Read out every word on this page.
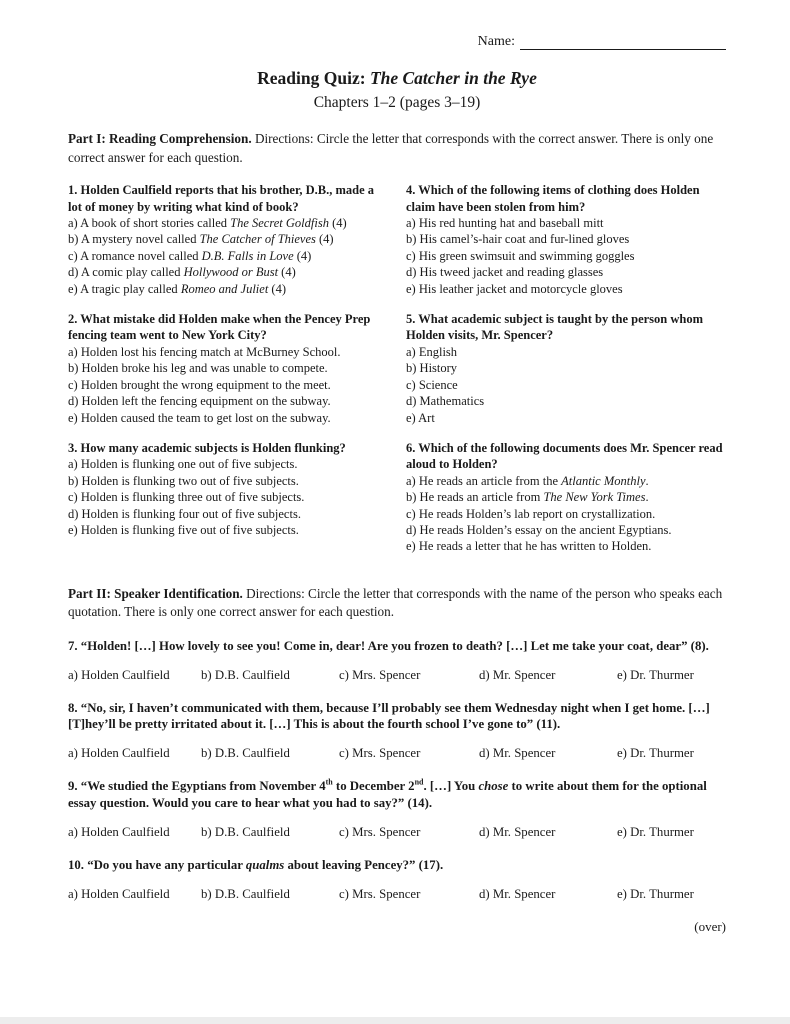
Name:
Reading Quiz: The Catcher in the Rye
Chapters 1–2 (pages 3–19)

Part I: Reading Comprehension. Directions: Circle the letter that corresponds with the correct answer. There is only one correct answer for each question.

1. Holden Caulfield reports that his brother, D.B., made a lot of money by writing what kind of book?

a) A book of short stories called The Secret Goldfish (4)

b) A mystery novel called The Catcher of Thieves (4)

c) A romance novel called D.B. Falls in Love (4)

d) A comic play called Hollywood or Bust (4)

e) A tragic play called Romeo and Juliet (4)

2. What mistake did Holden make when the Pencey Prep fencing team went to New York City?

a) Holden lost his fencing match at McBurney School.

b) Holden broke his leg and was unable to compete.

c) Holden brought the wrong equipment to the meet.

d) Holden left the fencing equipment on the subway.

e) Holden caused the team to get lost on the subway.

3. How many academic subjects is Holden flunking?

a) Holden is flunking one out of five subjects.

b) Holden is flunking two out of five subjects.

c) Holden is flunking three out of five subjects.

d) Holden is flunking four out of five subjects.

e) Holden is flunking five out of five subjects.

4. Which of the following items of clothing does Holden claim have been stolen from him?

a) His red hunting hat and baseball mitt

b) His camel’s-hair coat and fur-lined gloves

c) His green swimsuit and swimming goggles

d) His tweed jacket and reading glasses

e) His leather jacket and motorcycle gloves

5. What academic subject is taught by the person whom Holden visits, Mr. Spencer?

a) English

b) History

c) Science

d) Mathematics

e) Art

6. Which of the following documents does Mr. Spencer read aloud to Holden?

a) He reads an article from the Atlantic Monthly.

b) He reads an article from The New York Times.

c) He reads Holden’s lab report on crystallization.

d) He reads Holden’s essay on the ancient Egyptians.

e) He reads a letter that he has written to Holden.

Part II: Speaker Identification. Directions: Circle the letter that corresponds with the name of the person who speaks each quotation. There is only one correct answer for each question.

7. “Holden! […] How lovely to see you! Come in, dear! Are you frozen to death? […] Let me take your coat, dear” (8).

a) Holden Caulfield	b) D.B. Caulfield	c) Mrs. Spencer	d) Mr. Spencer	e) Dr. Thurmer

8. “No, sir, I haven’t communicated with them, because I’ll probably see them Wednesday night when I get home. […] [T]hey’ll be pretty irritated about it. […] This is about the fourth school I’ve gone to” (11).

a) Holden Caulfield	b) D.B. Caulfield	c) Mrs. Spencer	d) Mr. Spencer	e) Dr. Thurmer

9. “We studied the Egyptians from November 4th to December 2nd. […] You chose to write about them for the optional essay question. Would you care to hear what you had to say?” (14).

a) Holden Caulfield	b) D.B. Caulfield	c) Mrs. Spencer	d) Mr. Spencer	e) Dr. Thurmer

10. “Do you have any particular qualms about leaving Pencey?” (17).

a) Holden Caulfield	b) D.B. Caulfield	c) Mrs. Spencer	d) Mr. Spencer	e) Dr. Thurmer
(over)
